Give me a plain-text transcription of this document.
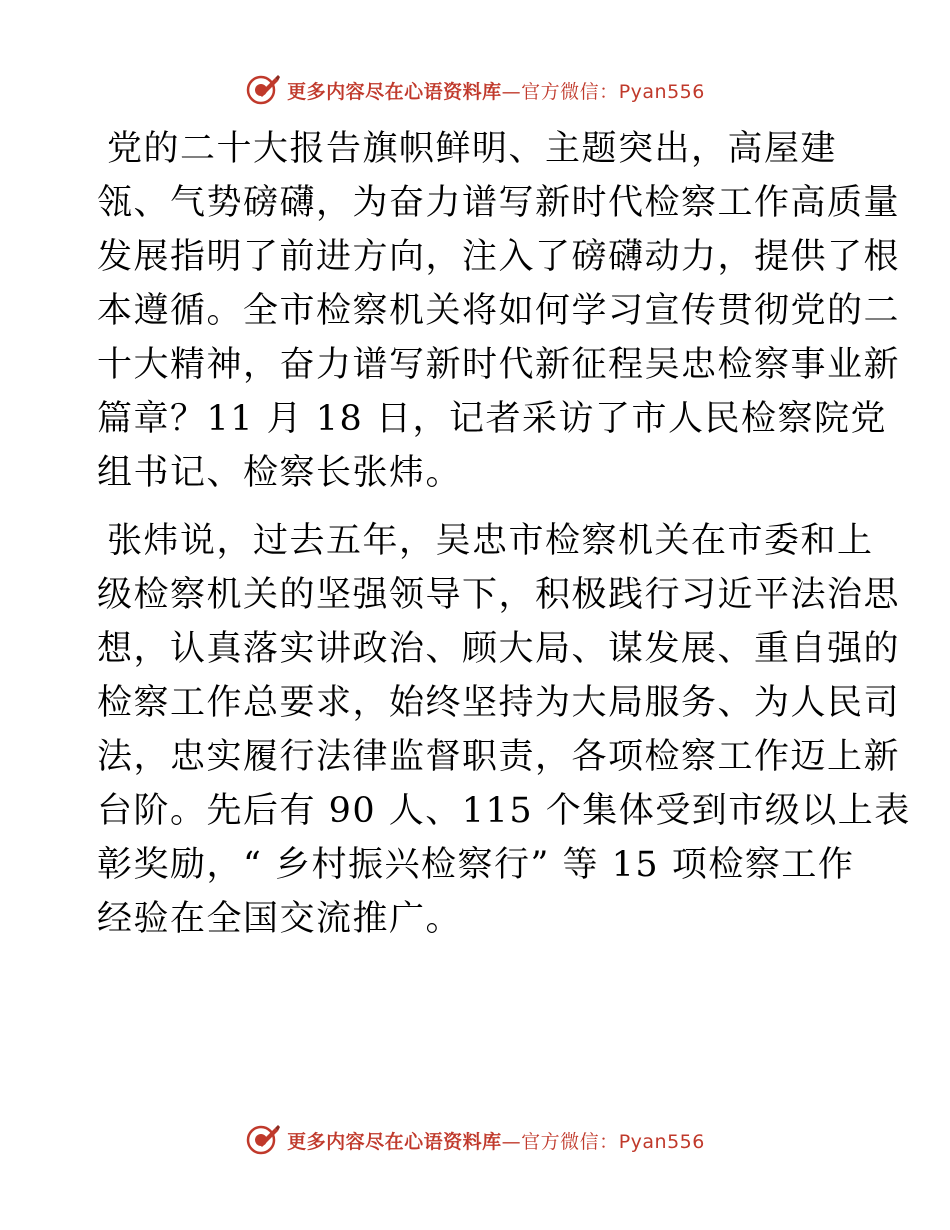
更多内容尽在心语资料库—官方微信：Pyan556
党的二十大报告旗帜鲜明、主题突出，高屋建
瓴、气势磅礴，为奋力谱写新时代检察工作高质量
发展指明了前进方向，注入了磅礴动力，提供了根
本遵循。全市检察机关将如何学习宣传贯彻党的二
十大精神，奋力谱写新时代新征程吴忠检察事业新
篇章？11 月 18 日，记者采访了市人民检察院党
组书记、检察长张炜。
张炜说，过去五年，吴忠市检察机关在市委和上
级检察机关的坚强领导下，积极践行习近平法治思
想，认真落实讲政治、顾大局、谋发展、重自强的
检察工作总要求，始终坚持为大局服务、为人民司
法，忠实履行法律监督职责，各项检察工作迈上新
台阶。先后有 90 人、115 个集体受到市级以上表
彰奖励，“ 乡村振兴检察行” 等 15 项检察工作
经验在全国交流推广。
更多内容尽在心语资料库—官方微信：Pyan556
